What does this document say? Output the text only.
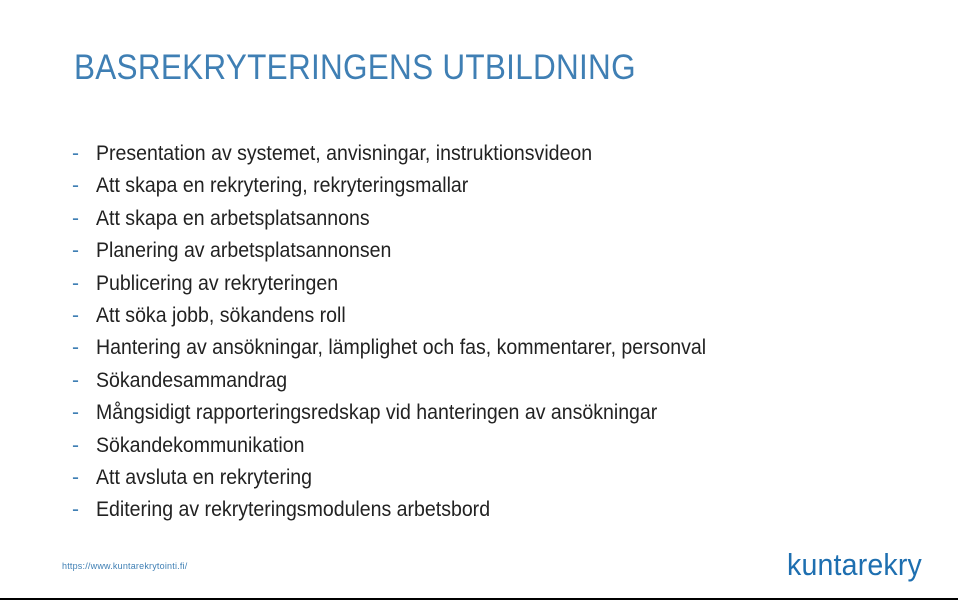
BASREKRYTERINGENS UTBILDNING
- Presentation av systemet, anvisningar, instruktionsvideon
- Att skapa en rekrytering, rekryteringsmallar
- Att skapa en arbetsplatsannons
- Planering av arbetsplatsannonsen
- Publicering av rekryteringen
- Att söka jobb, sökandens roll
- Hantering av ansökningar, lämplighet och fas, kommentarer, personval
- Sökandesammandrag
- Mångsidigt rapporteringsredskap vid hanteringen av ansökningar
- Sökandekommunikation
- Att avsluta en rekrytering
- Editering av rekryteringsmodulens arbetsbord
https://www.kuntarekrytointi.fi/	kuntarekry
